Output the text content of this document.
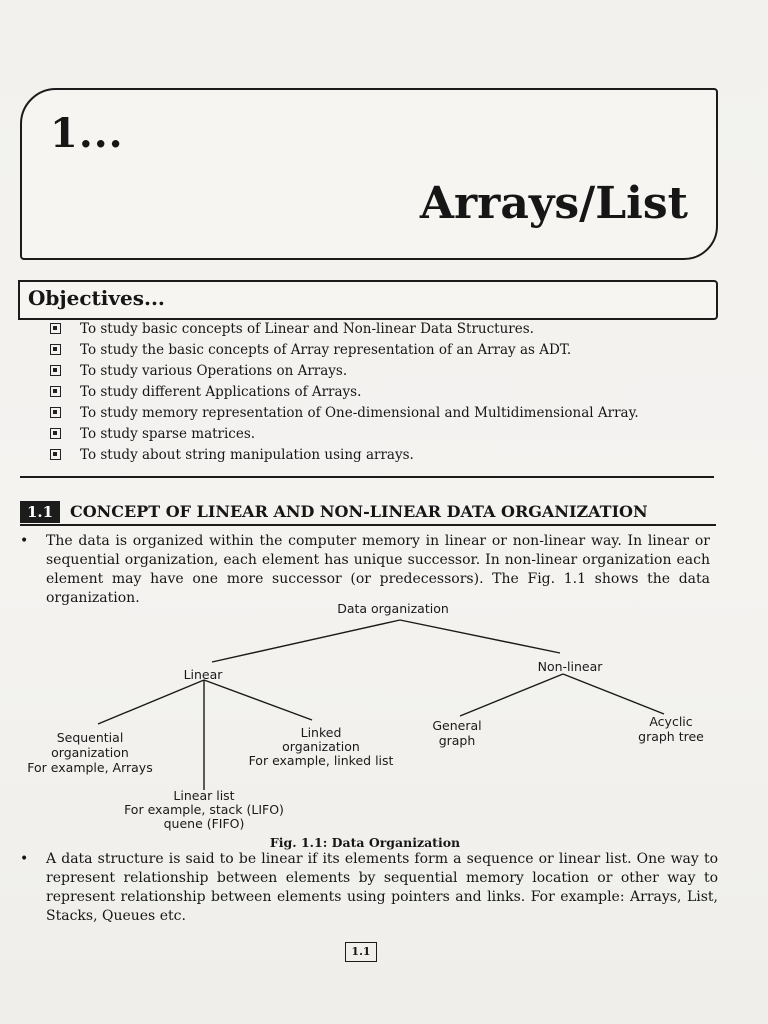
1...
Arrays/List
Objectives...
To study basic concepts of Linear and Non-linear Data Structures.
To study the basic concepts of Array representation of an Array as ADT.
To study various Operations on Arrays.
To study different Applications of Arrays.
To study memory representation of One-dimensional and Multidimensional Array.
To study sparse matrices.
To study about string manipulation using arrays.
1.1	CONCEPT OF LINEAR AND NON-LINEAR DATA ORGANIZATION

• The data is organized within the computer memory in linear or non-linear way. In linear or sequential organization, each element has unique successor. In non-linear organization each element may have one more successor (or predecessors). The Fig. 1.1 shows the data organization.

Data organization
Linear
Non-linear
Sequential
organization
For example, Arrays
Linked
organization
For example, linked list
Linear list
For example, stack (LIFO)
quene (FIFO)
General
graph
Acyclic
graph tree
Fig. 1.1: Data Organization

• A data structure is said to be linear if its elements form a sequence or linear list. One way to represent relationship between elements by sequential memory location or other way to represent relationship between elements using pointers and links. For example: Arrays, List, Stacks, Queues etc.

1.1
